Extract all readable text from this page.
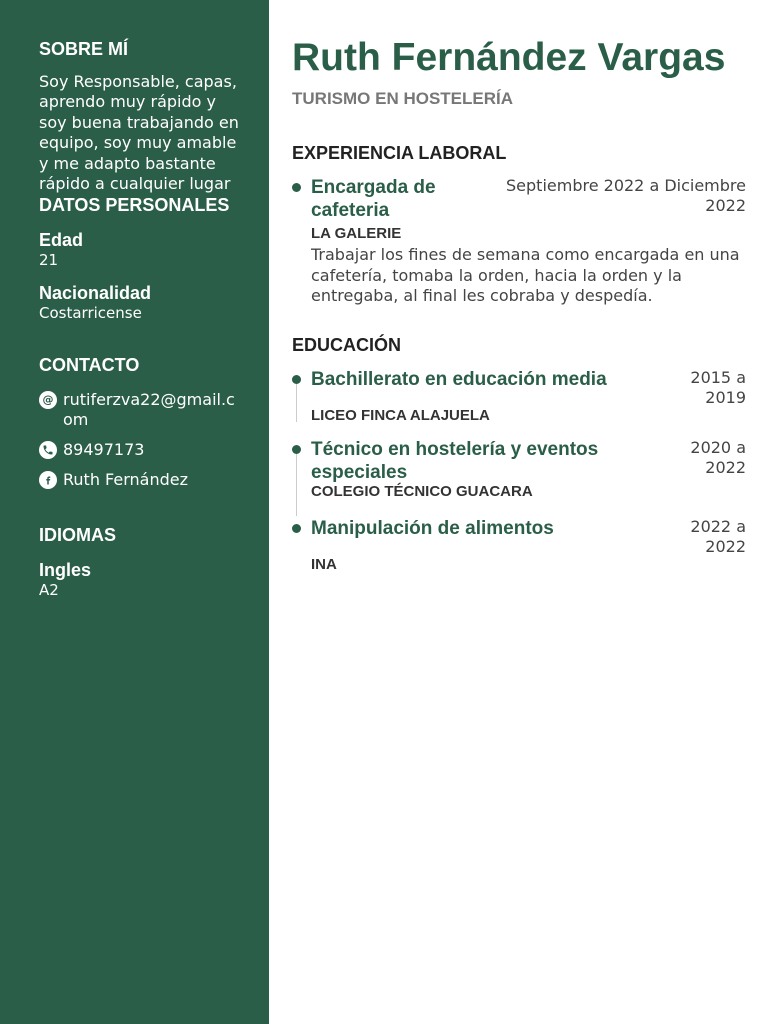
SOBRE MÍ

Soy Responsable, capas, aprendo muy rápido y soy buena trabajando en equipo, soy muy amable y me adapto bastante rápido a cualquier lugar

DATOS PERSONALES
Edad
21
Nacionalidad
Costarricense
CONTACTO
@ rutiferzva22@gmail.com
89497173
Ruth Fernández
IDIOMAS
Ingles
A2
Ruth Fernández Vargas
TURISMO EN HOSTELERÍA
EXPERIENCIA LABORAL
Encargada de cafeteria
Septiembre 2022 a Diciembre 2022
LA GALERIE
Trabajar los fines de semana como encargada en una cafetería, tomaba la orden, hacia la orden y la entregaba, al final les cobraba y despedía.
EDUCACIÓN
Bachillerato en educación media	2015 a 2019
LICEO FINCA ALAJUELA
Técnico en hostelería y eventos especiales
2020 a 2022
COLEGIO TÉCNICO GUACARA
Manipulación de alimentos	2022 a 2022
INA
